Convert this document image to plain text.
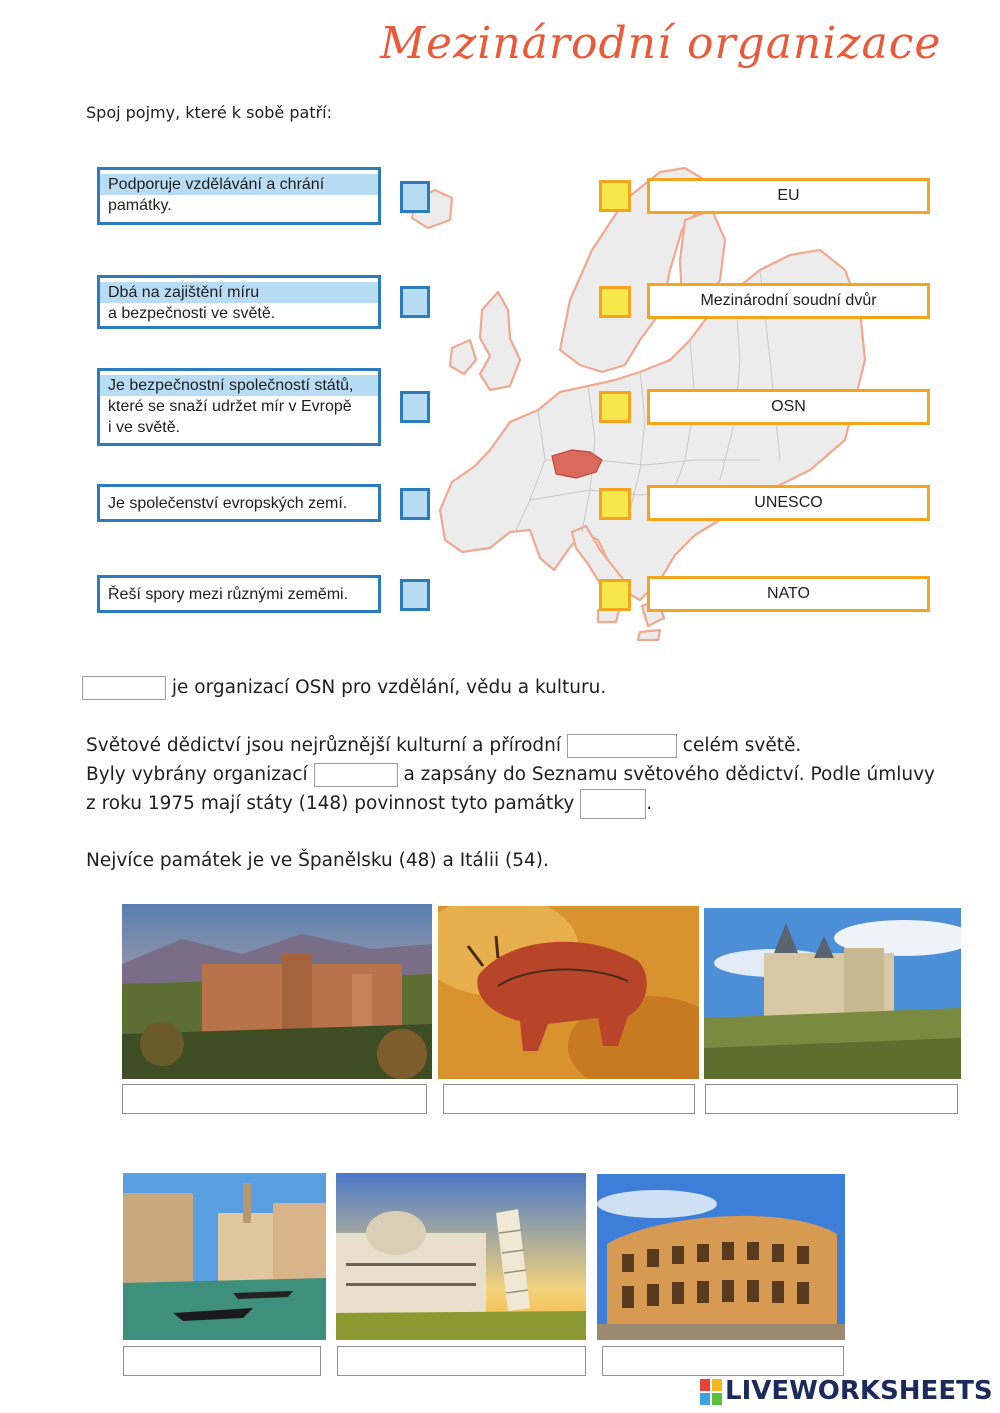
Mezinárodní organizace
Spoj pojmy, které k sobě patří:
Podporuje vzdělávání a chrání
památky.
Dbá na zajištění míru
a bezpečnosti ve světě.
Je bezpečnostní společností států,
které se snaží udržet mír v Evropě
i ve světě.
Je společenství evropských zemí.
Řeší spory mezi různými zeměmi.
EU
Mezinárodní soudní dvůr
OSN
UNESCO
NATO
je organizací OSN pro vzdělání, vědu a kulturu.
Světové dědictví jsou nejrůznější kulturní a přírodní	celém světě.
Byly vybrány organizací	a zapsány do Seznamu světového dědictví. Podle úmluvy
z roku 1975 mají státy (148) povinnost tyto památky	.
Nejvíce památek je ve Španělsku (48) a Itálii (54).
LIVEWORKSHEETS
